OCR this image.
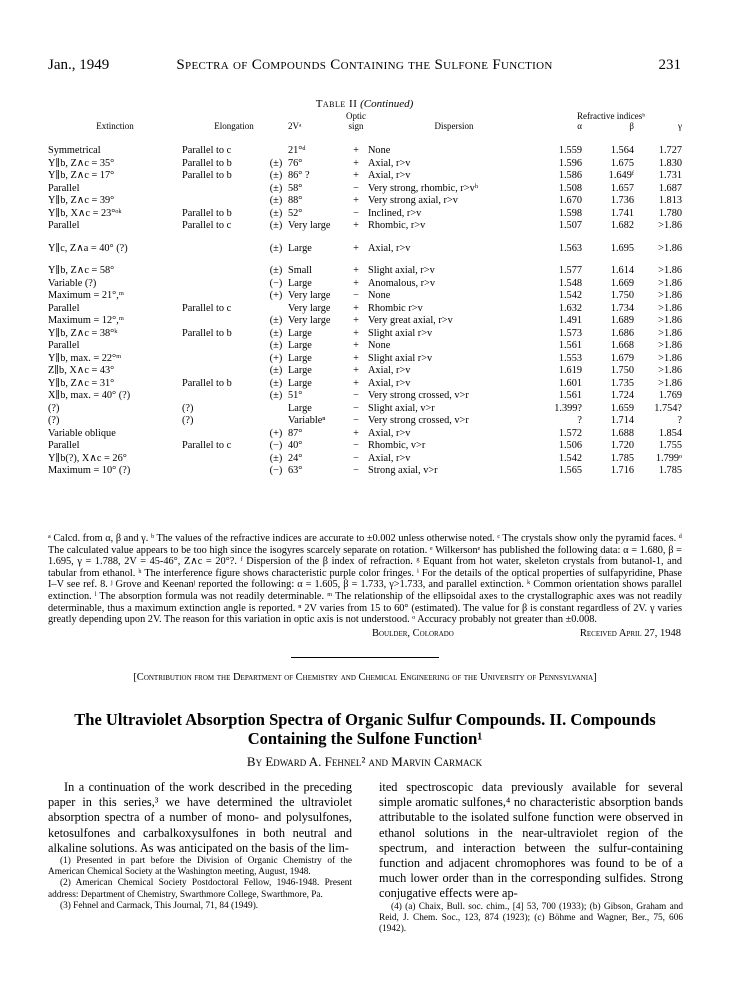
Jan., 1949	Spectra of Compounds Containing the Sulfone Function	231
Table II (Continued)
				Optic		Refractive indicesᵇ		
Extinction	Elongation		2Vᵃ	sign	Dispersion	α	β	γ

Symmetrical	Parallel to c		21°ᵈ	+	None	1.559	1.564	1.727
Y∥b, Z∧c = 35°	Parallel to b	(±)	76°	+	Axial, r>v	1.596	1.675	1.830
Y∥b, Z∧c = 17°	Parallel to b	(±)	86° ?	+	Axial, r>v	1.586	1.649ᶠ	1.731
Parallel		(±)	58°	−	Very strong, rhombic, r>vʰ	1.508	1.657	1.687
Y∥b, Z∧c = 39°		(±)	88°	+	Very strong axial, r>v	1.670	1.736	1.813
Y∥b, X∧c = 23°ᵒᵏ	Parallel to b	(±)	52°	−	Inclined, r>v	1.598	1.741	1.780
Parallel	Parallel to c	(±)	Very large	+	Rhombic, r>v	1.507	1.682	>1.86

Y∥c, Z∧a = 40° (?)		(±)	Large	+	Axial, r>v	1.563	1.695	>1.86

Y∥b, Z∧c = 58°		(±)	Small	+	Slight axial, r>v	1.577	1.614	>1.86
Variable (?)		(−)	Large	+	Anomalous, r>v	1.548	1.669	>1.86
Maximum = 21°,ᵐ		(+)	Very large	−	None	1.542	1.750	>1.86
Parallel	Parallel to c		Very large	+	Rhombic r>v	1.632	1.734	>1.86
Maximum = 12°,ᵐ		(±)	Very large	+	Very great axial, r>v	1.491	1.689	>1.86
Y∥b, Z∧c = 38°ᵏ	Parallel to b	(±)	Large	+	Slight axial r>v	1.573	1.686	>1.86
Parallel		(±)	Large	+	None	1.561	1.668	>1.86
Y∥b, max. = 22°ᵐ		(+)	Large	+	Slight axial r>v	1.553	1.679	>1.86
Z∥b, X∧c = 43°		(±)	Large	+	Axial, r>v	1.619	1.750	>1.86
Y∥b, Z∧c = 31°	Parallel to b	(±)	Large	+	Axial, r>v	1.601	1.735	>1.86
X∥b, max. = 40° (?)		(±)	51°	−	Very strong crossed, v>r	1.561	1.724	1.769
(?)	(?)		Large	−	Slight axial, v>r	1.399?	1.659	1.754?
(?)	(?)		Variableⁿ	−	Very strong crossed, v>r	?	1.714	?
Variable oblique		(+)	87°	+	Axial, r>v	1.572	1.688	1.854
Parallel	Parallel to c	(−)	40°	−	Rhombic, v>r	1.506	1.720	1.755
Y∥b(?), X∧c = 26°		(±)	24°	−	Axial, r>v	1.542	1.785	1.799ᵒ
Maximum = 10° (?)		(−)	63°	−	Strong axial, v>r	1.565	1.716	1.785
ᵃ Calcd. from α, β and γ. ᵇ The values of the refractive indices are accurate to ±0.002 unless otherwise noted. ᶜ The crystals show only the pyramid faces. ᵈ The calculated value appears to be too high since the isogyres scarcely separate on rotation. ᵉ Wilkersonᵉ has published the following data: α = 1.680, β = 1.695, γ = 1.788, 2V = 45-46°, Z∧c = 20°?. ᶠ Dispersion of the β index of refraction. ᵍ Equant from hot water, skeleton crystals from butanol-1, and tabular from ethanol. ʰ The interference figure shows characteristic purple color fringes. ⁱ For the details of the optical properties of sulfapyridine, Phase I–V see ref. 8. ʲ Grove and Keenanʲ reported the following: α = 1.605, β = 1.733, γ>1.733, and parallel extinction. ᵏ Common orientation shows parallel extinction. ˡ The absorption formula was not readily determinable. ᵐ The relationship of the ellipsoidal axes to the crystallographic axes was not readily determinable, thus a maximum extinction angle is reported. ⁿ 2V varies from 15 to 60° (estimated). The value for β is constant regardless of 2V. γ varies greatly depending upon 2V. The reason for this variation in optic axis is not understood. ᵒ Accuracy probably not greater than ±0.008.
Boulder, Colorado	Received April 27, 1948
[Contribution from the Department of Chemistry and Chemical Engineering of the University of Pennsylvania]
The Ultraviolet Absorption Spectra of Organic Sulfur Compounds. II. Compounds
Containing the Sulfone Function¹
By Edward A. Fehnel² and Marvin Carmack

In a continuation of the work described in the preceding paper in this series,³ we have determined the ultraviolet absorption spectra of a number of mono- and polysulfones, ketosulfones and carbalkoxysulfones in both neutral and alkaline solutions. As was anticipated on the basis of the lim-

(1) Presented in part before the Division of Organic Chemistry of the American Chemical Society at the Washington meeting, August, 1948.

(2) American Chemical Society Postdoctoral Fellow, 1946-1948. Present address: Department of Chemistry, Swarthmore College, Swarthmore, Pa.

(3) Fehnel and Carmack, This Journal, 71, 84 (1949).

ited spectroscopic data previously available for several simple aromatic sulfones,⁴ no characteristic absorption bands attributable to the isolated sulfone function were observed in ethanol solutions in the near-ultraviolet region of the spectrum, and interaction between the sulfur-containing function and adjacent chromophores was found to be of a much lower order than in the corresponding sulfides. Strong conjugative effects were ap-

(4) (a) Chaix, Bull. soc. chim., [4] 53, 700 (1933); (b) Gibson, Graham and Reid, J. Chem. Soc., 123, 874 (1923); (c) Böhme and Wagner, Ber., 75, 606 (1942).
